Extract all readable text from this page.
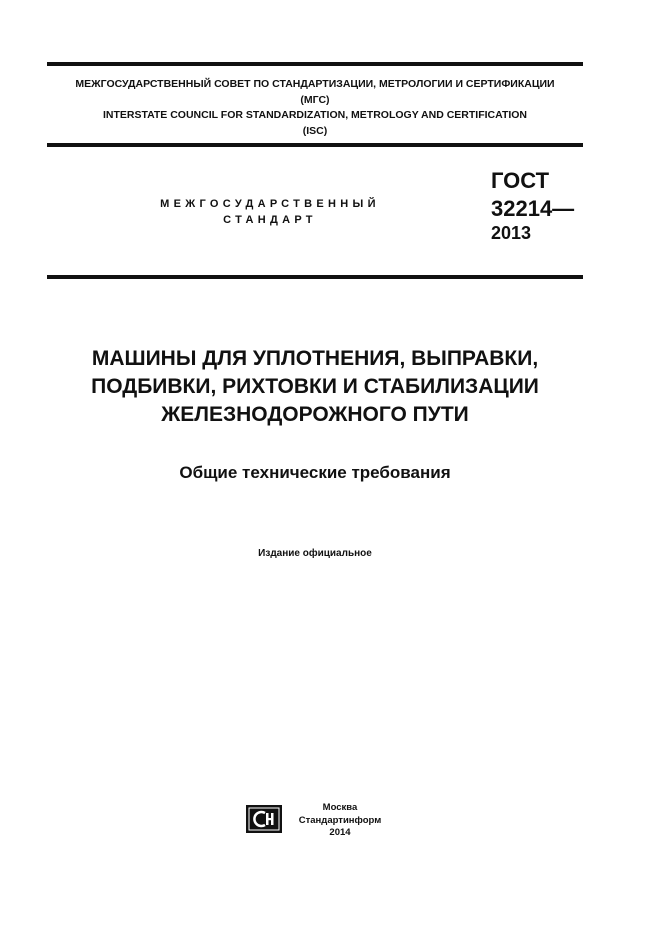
МЕЖГОСУДАРСТВЕННЫЙ СОВЕТ ПО СТАНДАРТИЗАЦИИ, МЕТРОЛОГИИ И СЕРТИФИКАЦИИ
(МГС)
INTERSTATE COUNCIL FOR STANDARDIZATION, METROLOGY AND CERTIFICATION
(ISC)
МЕЖГОСУДАРСТВЕННЫЙ
СТАНДАРТ
ГОСТ
32214—
2013
МАШИНЫ ДЛЯ УПЛОТНЕНИЯ, ВЫПРАВКИ,
ПОДБИВКИ, РИХТОВКИ И СТАБИЛИЗАЦИИ
ЖЕЛЕЗНОДОРОЖНОГО ПУТИ
Общие технические требования
Издание официальное
Москва
Стандартинформ
2014
